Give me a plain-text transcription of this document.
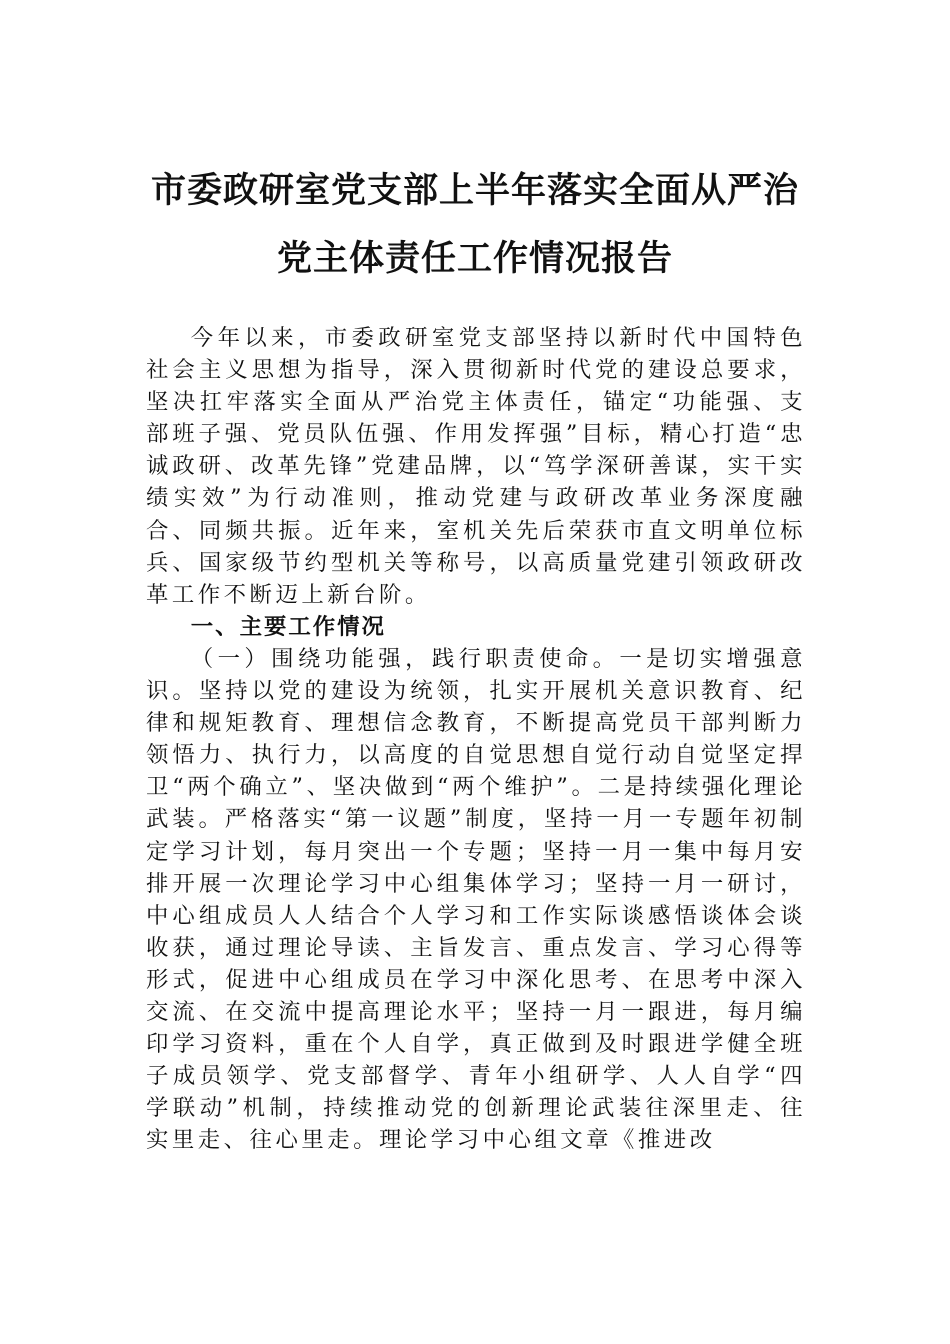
市委政研室党支部上半年落实全面从严治
党主体责任工作情况报告

今年以来，市委政研室党支部坚持以新时代中国特色社会主义思想为指导，深入贯彻新时代党的建设总要求，坚决扛牢落实全面从严治党主体责任，锚定“功能强、支部班子强、党员队伍强、作用发挥强”目标，精心打造“忠诚政研、改革先锋”党建品牌，以“笃学深研善谋，实干实绩实效”为行动准则，推动党建与政研改革业务深度融合、同频共振。近年来，室机关先后荣获市直文明单位标兵、国家级节约型机关等称号，以高质量党建引领政研改革工作不断迈上新台阶。

一、主要工作情况

（一）围绕功能强，践行职责使命。一是切实增强意识。坚持以党的建设为统领，扎实开展机关意识教育、纪律和规矩教育、理想信念教育，不断提高党员干部判断力领悟力、执行力，以高度的自觉思想自觉行动自觉坚定捍卫“两个确立”、坚决做到“两个维护”。二是持续强化理论武装。严格落实“第一议题”制度，坚持一月一专题年初制定学习计划，每月突出一个专题；坚持一月一集中每月安排开展一次理论学习中心组集体学习；坚持一月一研讨，中心组成员人人结合个人学习和工作实际谈感悟谈体会谈收获，通过理论导读、主旨发言、重点发言、学习心得等形式，促进中心组成员在学习中深化思考、在思考中深入交流、在交流中提高理论水平；坚持一月一跟进，每月编印学习资料，重在个人自学，真正做到及时跟进学健全班子成员领学、党支部督学、青年小组研学、人人自学“四学联动”机制，持续推动党的创新理论武装往深里走、往实里走、往心里走。理论学习中心组文章《推进改
